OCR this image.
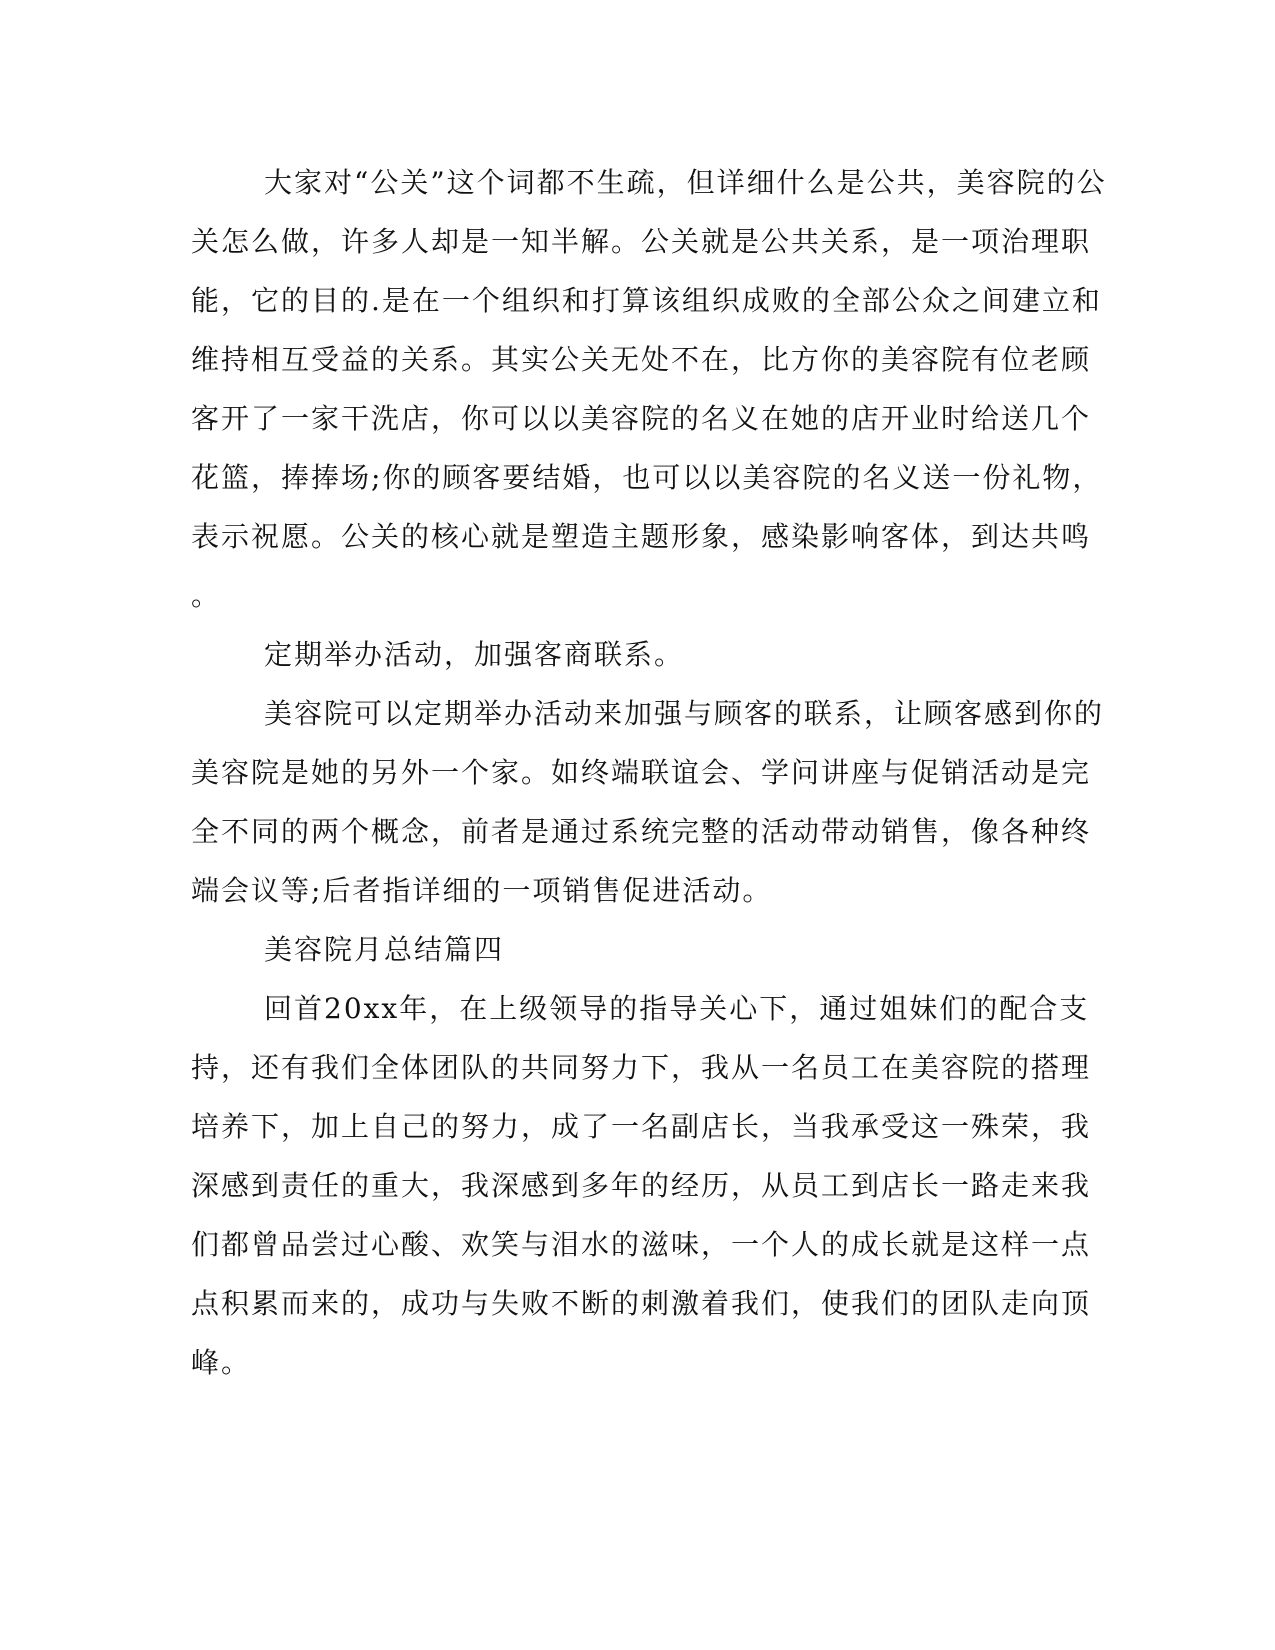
大家对“公关”这个词都不生疏，但详细什么是公共，美容院的公

关怎么做，许多人却是一知半解。公关就是公共关系，是一项治理职

能，它的目的.是在一个组织和打算该组织成败的全部公众之间建立和

维持相互受益的关系。其实公关无处不在，比方你的美容院有位老顾

客开了一家干洗店，你可以以美容院的名义在她的店开业时给送几个

花篮，捧捧场;你的顾客要结婚，也可以以美容院的名义送一份礼物，

表示祝愿。公关的核心就是塑造主题形象，感染影响客体，到达共鸣

。

定期举办活动，加强客商联系。

美容院可以定期举办活动来加强与顾客的联系，让顾客感到你的

美容院是她的另外一个家。如终端联谊会、学问讲座与促销活动是完

全不同的两个概念，前者是通过系统完整的活动带动销售，像各种终

端会议等;后者指详细的一项销售促进活动。

美容院月总结篇四

回首20xx年，在上级领导的指导关心下，通过姐妹们的配合支

持，还有我们全体团队的共同努力下，我从一名员工在美容院的搭理

培养下，加上自己的努力，成了一名副店长，当我承受这一殊荣，我

深感到责任的重大，我深感到多年的经历，从员工到店长一路走来我

们都曾品尝过心酸、欢笑与泪水的滋味，一个人的成长就是这样一点

点积累而来的，成功与失败不断的刺激着我们，使我们的团队走向顶

峰。
